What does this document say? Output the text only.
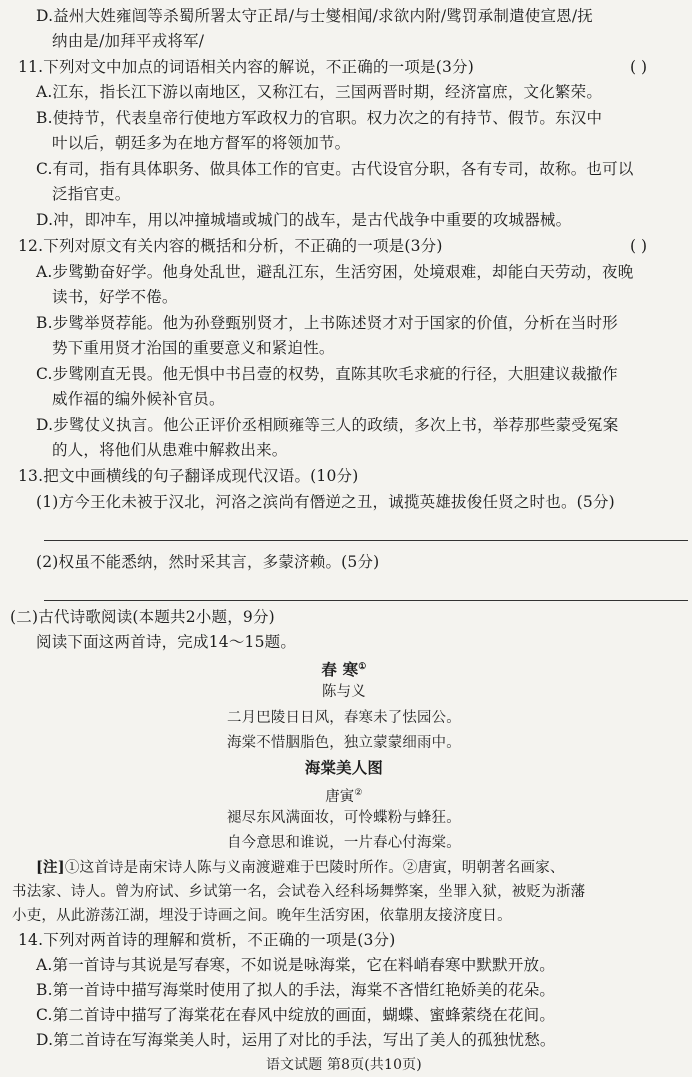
D.益州大姓雍闿等杀蜀所署太守正昂/与士燮相闻/求欲内附/骘罚承制遣使宣恩/抚
纳由是/加拜平戎将军/
11.下列对文中加点的词语相关内容的解说，不正确的一项是(3分)	( )
A.江东，指长江下游以南地区，又称江右，三国两晋时期，经济富庶，文化繁荣。
B.使持节，代表皇帝行使地方军政权力的官职。权力次之的有持节、假节。东汉中
叶以后，朝廷多为在地方督军的将领加节。
C.有司，指有具体职务、做具体工作的官吏。古代设官分职，各有专司，故称。也可以
泛指官吏。
D.冲，即冲车，用以冲撞城墙或城门的战车，是古代战争中重要的攻城器械。
12.下列对原文有关内容的概括和分析，不正确的一项是(3分)	( )
A.步骘勤奋好学。他身处乱世，避乱江东，生活穷困，处境艰难，却能白天劳动，夜晚
读书，好学不倦。
B.步骘举贤荐能。他为孙登甄别贤才，上书陈述贤才对于国家的价值，分析在当时形
势下重用贤才治国的重要意义和紧迫性。
C.步骘刚直无畏。他无惧中书吕壹的权势，直陈其吹毛求疵的行径，大胆建议裁撤作
威作福的编外候补官员。
D.步骘仗义执言。他公正评价丞相顾雍等三人的政绩，多次上书，举荐那些蒙受冤案
的人，将他们从患难中解救出来。
13.把文中画横线的句子翻译成现代汉语。(10分)
(1)方今王化未被于汉北，河洛之滨尚有僭逆之丑，诚揽英雄拔俊任贤之时也。(5分)
(2)权虽不能悉纳，然时采其言，多蒙济赖。(5分)
(二)古代诗歌阅读(本题共2小题，9分)
阅读下面这两首诗，完成14～15题。
春 寒①
陈与义
二月巴陵日日风，春寒未了怯园公。
海棠不惜胭脂色，独立蒙蒙细雨中。
海棠美人图
唐寅②
褪尽东风满面妆，可怜蝶粉与蜂狂。
自今意思和谁说，一片春心付海棠。
[注]①这首诗是南宋诗人陈与义南渡避难于巴陵时所作。②唐寅，明朝著名画家、
书法家、诗人。曾为府试、乡试第一名，会试卷入经科场舞弊案，坐罪入狱，被贬为浙藩
小吏，从此游荡江湖，埋没于诗画之间。晚年生活穷困，依靠朋友接济度日。
14.下列对两首诗的理解和赏析，不正确的一项是(3分)
A.第一首诗与其说是写春寒，不如说是咏海棠，它在料峭春寒中默默开放。
B.第一首诗中描写海棠时使用了拟人的手法，海棠不吝惜红艳娇美的花朵。
C.第二首诗中描写了海棠花在春风中绽放的画面，蝴蝶、蜜蜂萦绕在花间。
D.第二首诗在写海棠美人时，运用了对比的手法，写出了美人的孤独忧愁。
语文试题 第8页(共10页)
